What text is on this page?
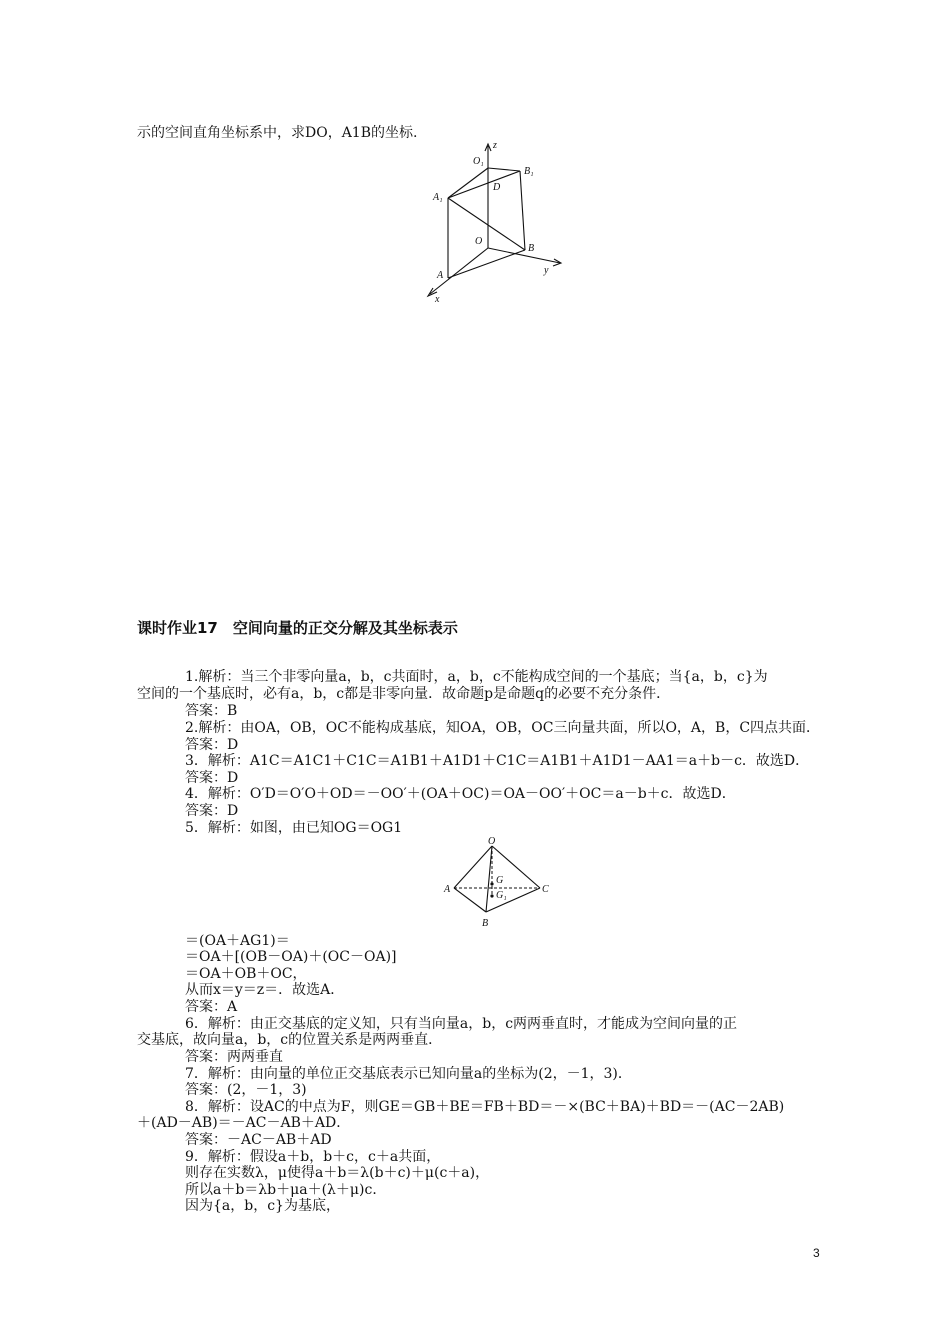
示的空间直角坐标系中，求DO，A1B的坐标.
z
O₁
B₁
D
A₁
O
B
y
A
x
课时作业17　空间向量的正交分解及其坐标表示
1.解析：当三个非零向量a，b，c共面时，a，b，c不能构成空间的一个基底；当{a，b，c}为
空间的一个基底时，必有a，b，c都是非零向量．故命题p是命题q的必要不充分条件．
答案：B
2.解析：由OA，OB，OC不能构成基底，知OA，OB，OC三向量共面，所以O，A，B，C四点共面．
答案：D
3．解析：A1C＝A1C1＋C1C＝A1B1＋A1D1＋C1C＝A1B1＋A1D1－AA1＝a＋b－c．故选D．
答案：D
4．解析：O′D＝O′O＋OD＝－OO′＋(OA＋OC)＝OA－OO′＋OC＝a－b＋c．故选D．
答案：D
5．解析：如图，由已知OG＝OG1
＝(OA＋AG1)＝
＝OA＋[(OB－OA)＋(OC－OA)]
＝OA＋OB＋OC，
从而x＝y＝z＝．故选A．
答案：A
6．解析：由正交基底的定义知，只有当向量a，b，c两两垂直时，才能成为空间向量的正
交基底，故向量a，b，c的位置关系是两两垂直．
答案：两两垂直
7．解析：由向量的单位正交基底表示已知向量a的坐标为(2，－1，3)．
答案：(2，－1，3)
8．解析：设AC的中点为F，则GE＝GB＋BE＝FB＋BD＝－×(BC＋BA)＋BD＝－(AC－2AB)
＋(AD－AB)＝－AC－AB＋AD．
答案：－AC－AB＋AD
9．解析：假设a＋b，b＋c，c＋a共面，
则存在实数λ，μ使得a＋b＝λ(b＋c)＋μ(c＋a)，
所以a＋b＝λb＋μa＋(λ＋μ)c．
因为{a，b，c}为基底，
O
G
G₁
A	C
B
3
